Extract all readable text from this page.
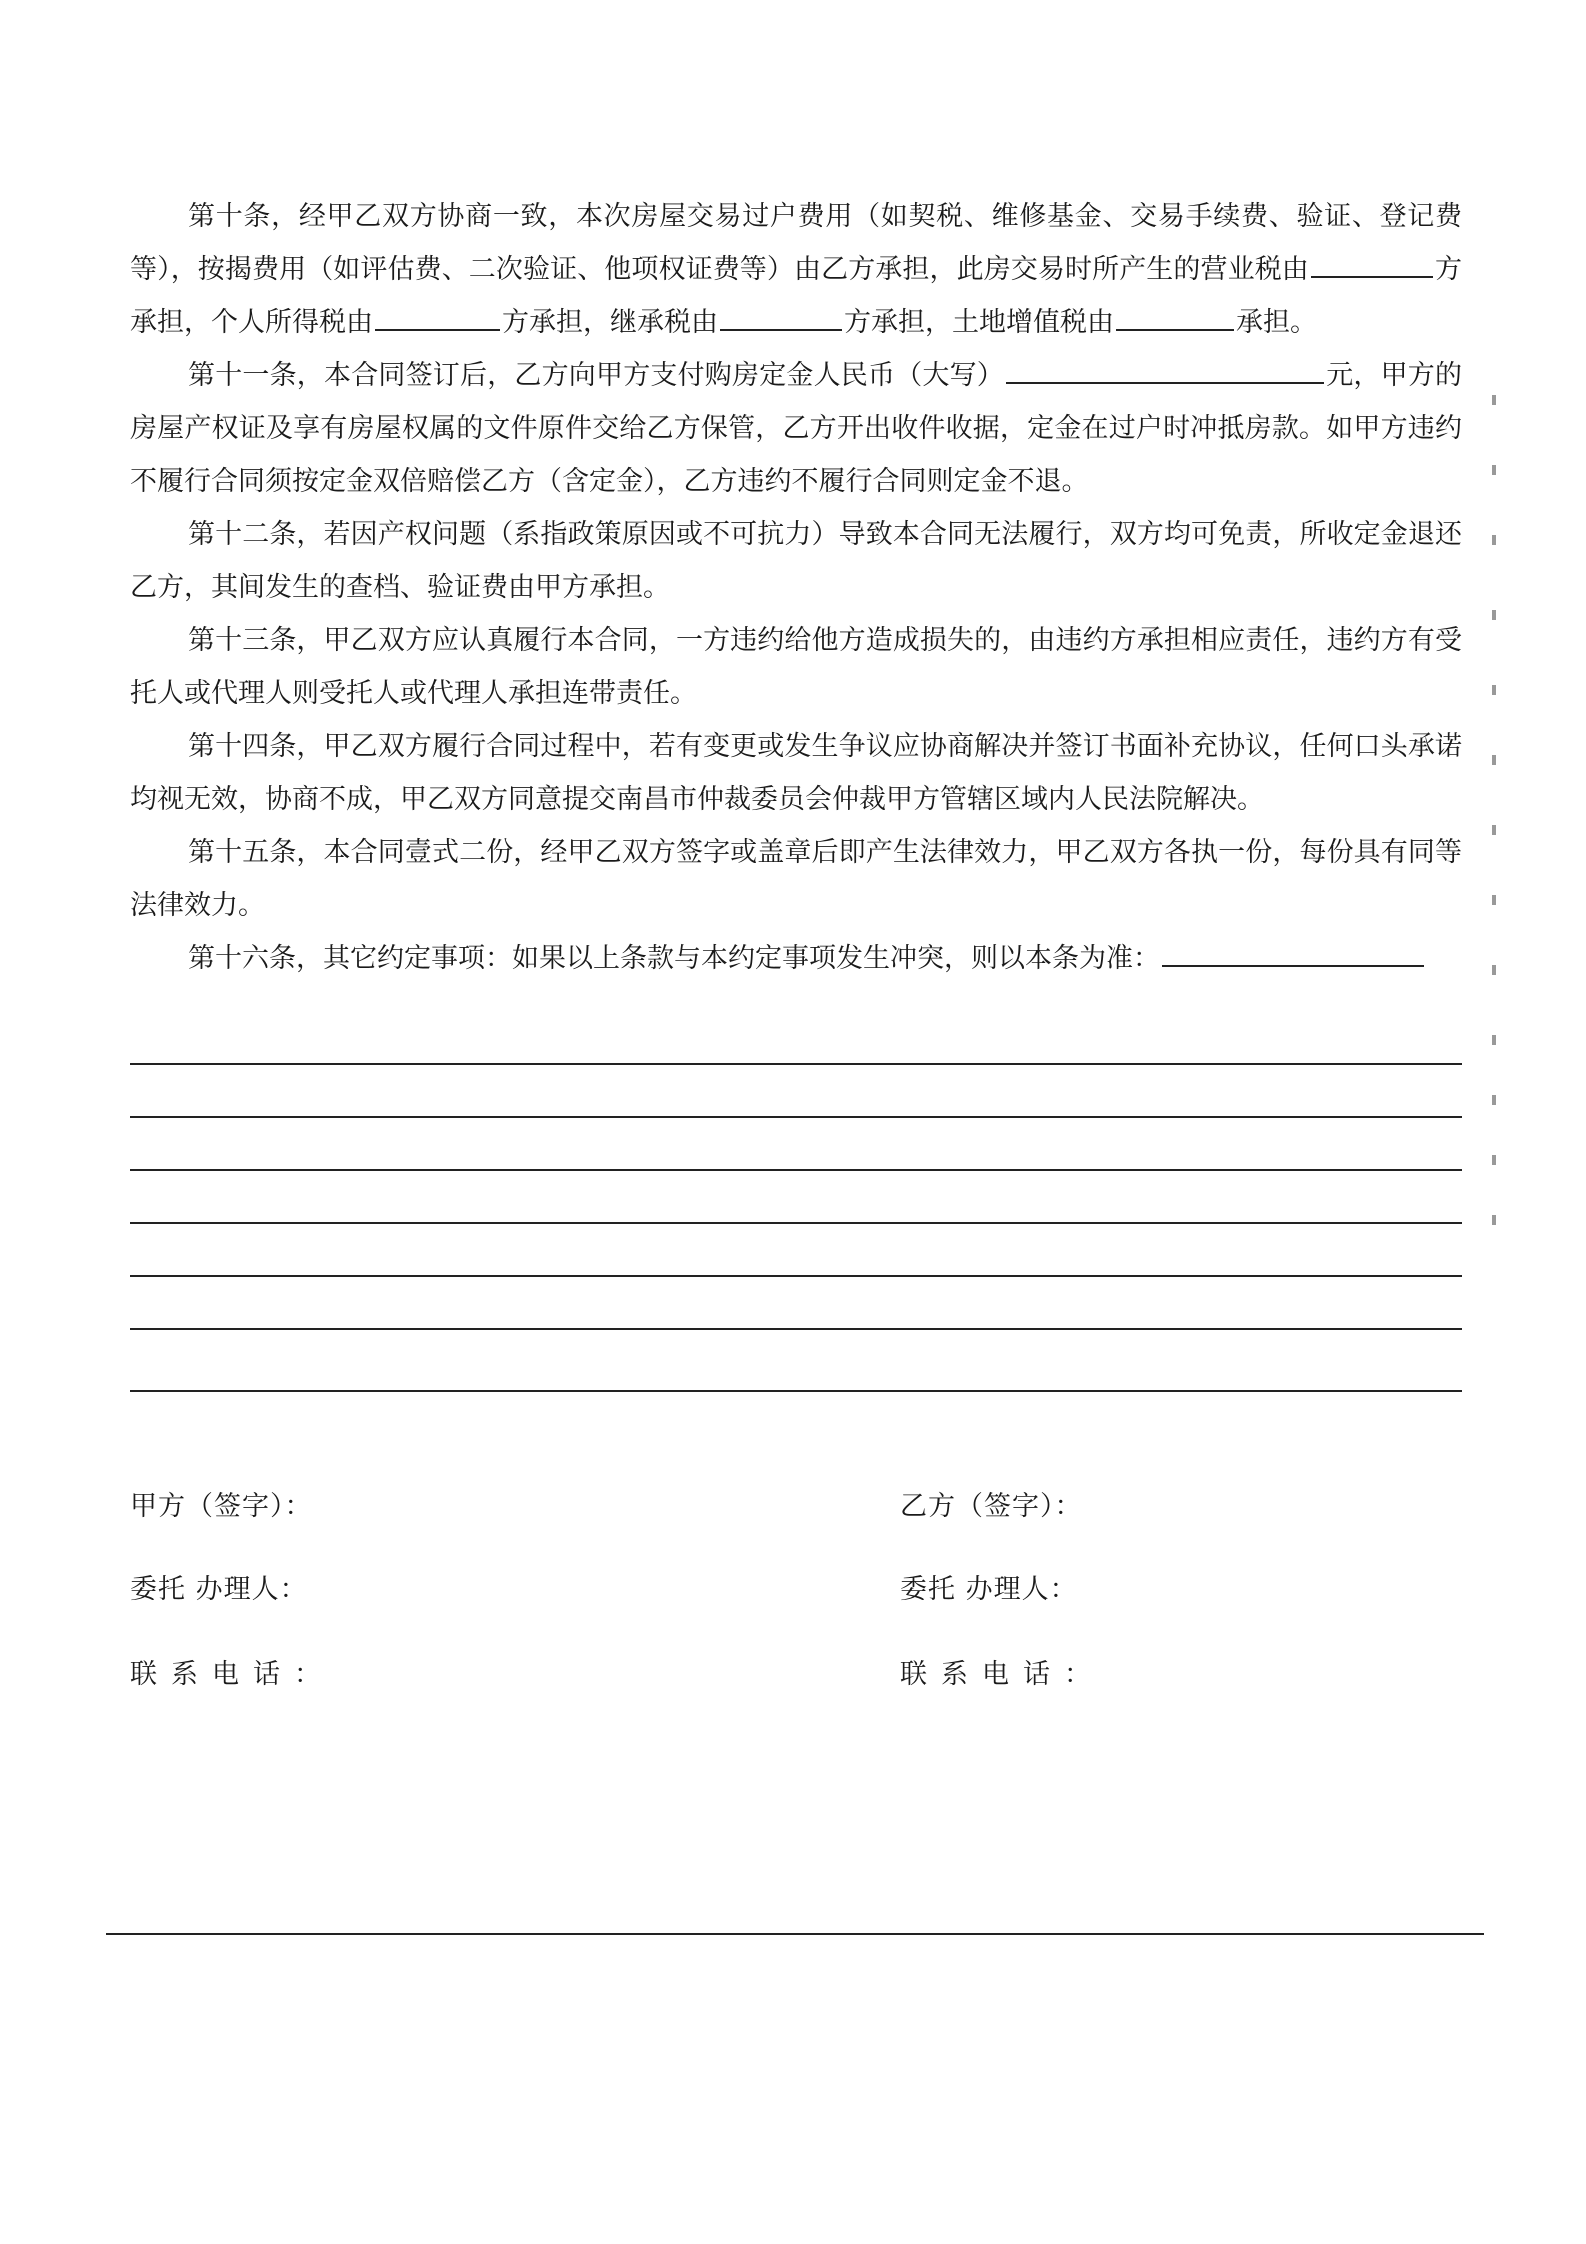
第十条，经甲乙双方协商一致，本次房屋交易过户费用（如契税、维修基金、交易手续费、验证、登记费等），按揭费用（如评估费、二次验证、他项权证费等）由乙方承担，此房交易时所产生的营业税由	方承担，个人所得税由	方承担，继承税由	方承担，土地增值税由	承担。

第十一条，本合同签订后，乙方向甲方支付购房定金人民币（大写）	元，甲方的房屋产权证及享有房屋权属的文件原件交给乙方保管，乙方开出收件收据，定金在过户时冲抵房款。如甲方违约不履行合同须按定金双倍赔偿乙方（含定金），乙方违约不履行合同则定金不退。

第十二条，若因产权问题（系指政策原因或不可抗力）导致本合同无法履行，双方均可免责，所收定金退还乙方，其间发生的查档、验证费由甲方承担。

第十三条，甲乙双方应认真履行本合同，一方违约给他方造成损失的，由违约方承担相应责任，违约方有受托人或代理人则受托人或代理人承担连带责任。

第十四条，甲乙双方履行合同过程中，若有变更或发生争议应协商解决并签订书面补充协议，任何口头承诺均视无效，协商不成，甲乙双方同意提交南昌市仲裁委员会仲裁甲方管辖区域内人民法院解决。

第十五条，本合同壹式二份，经甲乙双方签字或盖章后即产生法律效力，甲乙双方各执一份，每份具有同等法律效力。

第十六条，其它约定事项：如果以上条款与本约定事项发生冲突，则以本条为准：

甲方（签字）：
委托 办理人：
联系电话：
乙方（签字）：
委托 办理人：
联系电话：
